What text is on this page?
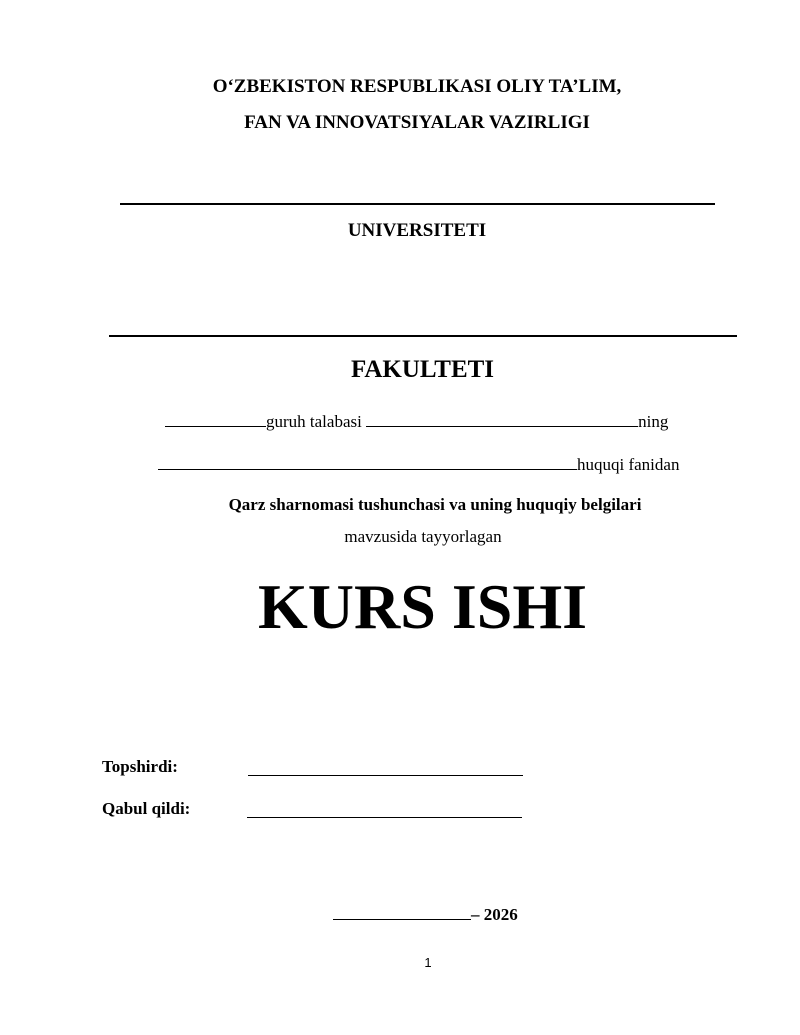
O‘ZBEKISTON RESPUBLIKASI OLIY TA’LIM,
FAN VA INNOVATSIYALAR VAZIRLIGI
UNIVERSITETI
FAKULTETI
guruh talabasi	ning
huquqi fanidan
Qarz sharnomasi tushunchasi va uning huquqiy belgilari
mavzusida tayyorlagan
KURS ISHI
Topshirdi:
Qabul qildi:
– 2026
1
